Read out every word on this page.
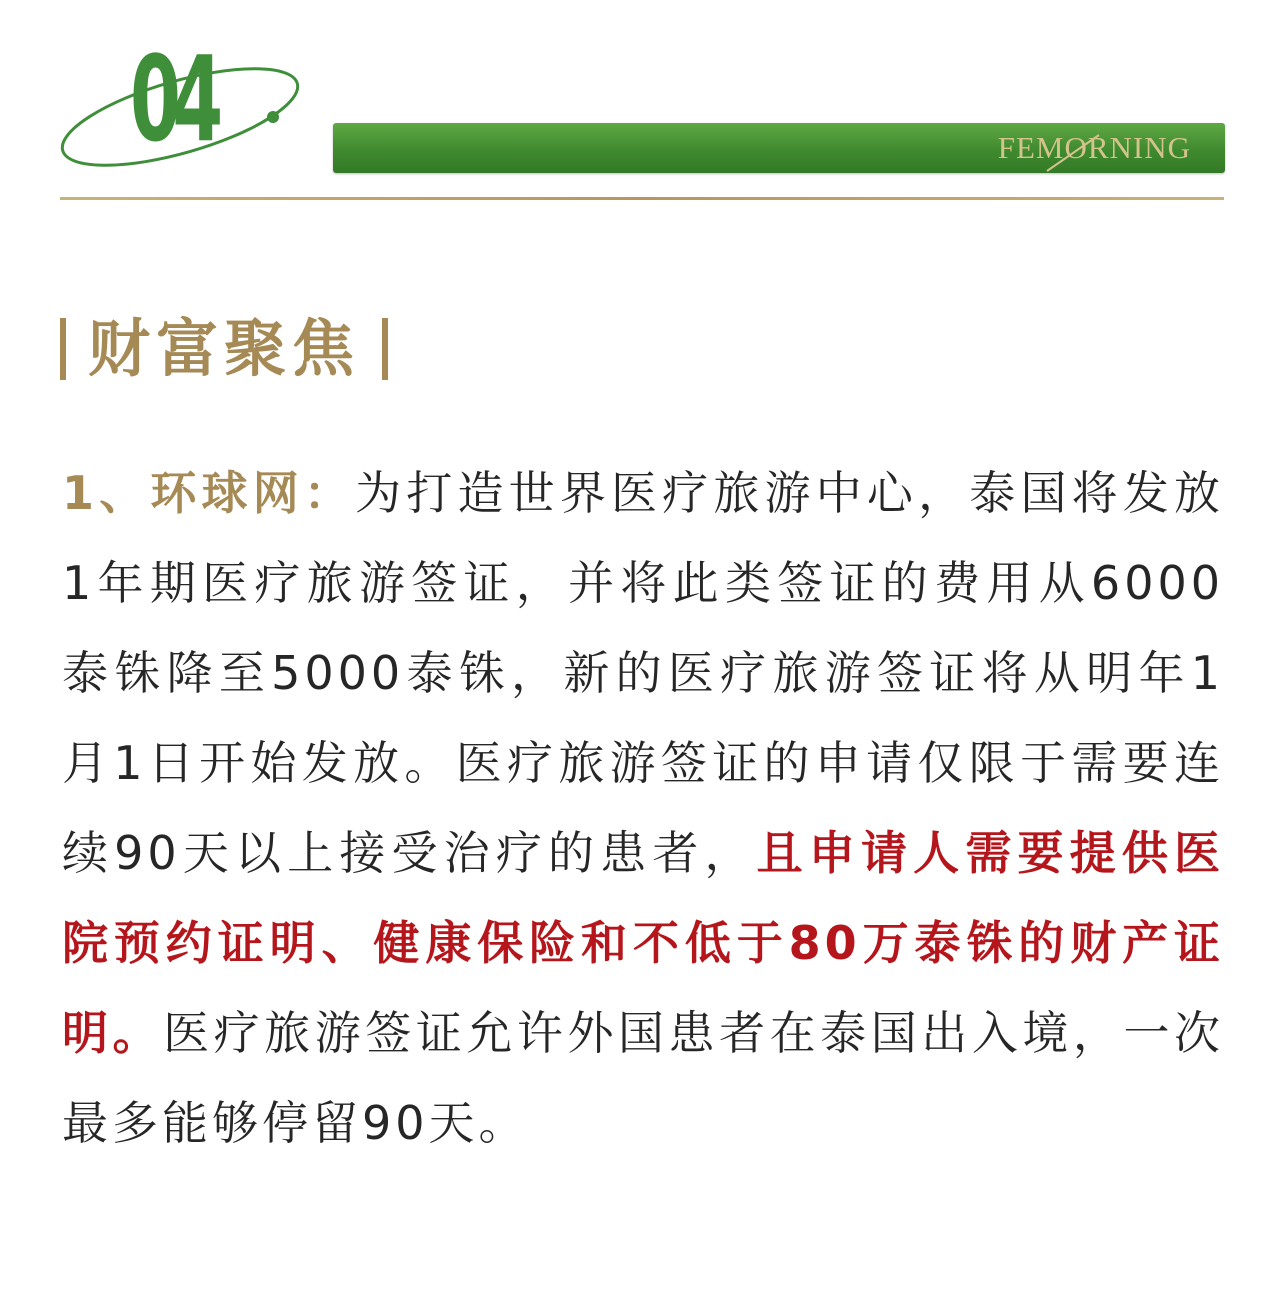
04	FEMORNING
财富聚焦

1、环球网：为打造世界医疗旅游中心，泰国将发放1年期医疗旅游签证，并将此类签证的费用从6000泰铢降至5000泰铢，新的医疗旅游签证将从明年1月1日开始发放。医疗旅游签证的申请仅限于需要连续90天以上接受治疗的患者，且申请人需要提供医院预约证明、健康保险和不低于80万泰铢的财产证明。医疗旅游签证允许外国患者在泰国出入境，一次最多能够停留90天。
